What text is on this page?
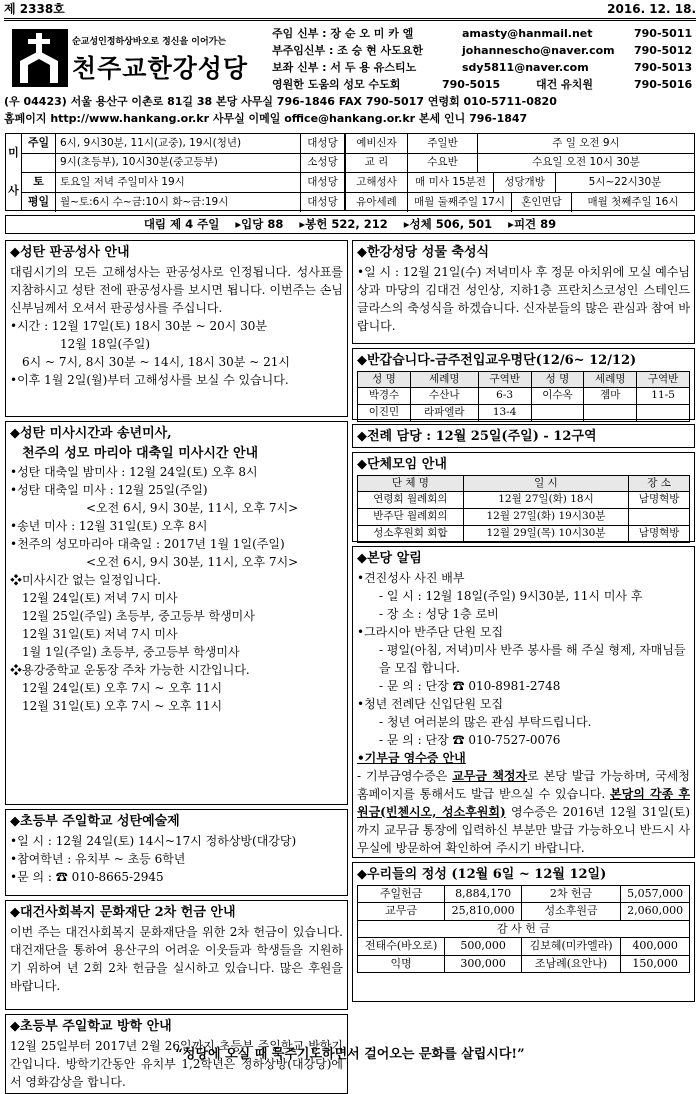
제 2338호	2016. 12. 18.
순교성인정하상바오로 정신을 이어가는
천주교한강성당
주임 신부 : 장 순 오 미 카 엘	amasty@hanmail.net	790-5011
부주임신부 : 조 승 현 사도요한	johannescho@naver.com	790-5012
보좌 신부 : 서 두 용 유스티노	sdy5811@naver.com	790-5013
영원한 도움의 성모 수도회	790-5015	대건 유치원	790-5016
(우 04423) 서울 용산구 이촌로 81길 38 본당 사무실 796-1846 FAX 790-5017 연령회 010-5711-0820
홈페이지 http://www.hankang.or.kr 사무실 이메일 office@hankang.or.kr 본세 인니 796-1847
미
사
주일	6시, 9시30분, 11시(교중), 19시(청년)	대성당
9시(초등부), 10시30분(중고등부)	소성당
토	토요일 저녁 주일미사 19시	대성당
평일	월~토:6시 수~금:10시 화~금:19시	대성당
예비신자	주일반	주 일 오전 9시
교 리	수요반	수요일 오전 10시 30분
고해성사	매 미사 15분전	성당개방	5시~22시30분
유아세례	매월 둘째주일 17시	혼인면담	매월 첫째주일 16시
대림 제 4 주일 ▸입당 88 ▸봉헌 522, 212 ▸성체 506, 501 ▸피견 89
◆성탄 판공성사 안내

대림시기의 모든 고해성사는 판공성사로 인정됩니다. 성사표를 지참하시고 성탄 전에 판공성사를 보시면 됩니다. 이번주는 손님신부님께서 오셔서 판공성사를 주십니다.

•시간 : 12월 17일(토) 18시 30분 ~ 20시 30분

12월 18일(주일)

6시 ~ 7시, 8시 30분 ~ 14시, 18시 30분 ~ 21시

•이후 1월 2일(월)부터 고해성사를 보실 수 있습니다.

◆성탄 미사시간과 송년미사,
천주의 성모 마리아 대축일 미사시간 안내

•성탄 대축일 밤미사 : 12월 24일(토) 오후 8시

•성탄 대축일 미사 : 12월 25일(주일)

<오전 6시, 9시 30분, 11시, 오후 7시>

•송년 미사 : 12월 31일(토) 오후 8시

•천주의 성모마리아 대축일 : 2017년 1월 1일(주일)

<오전 6시, 9시 30분, 11시, 오후 7시>

❖미사시간 없는 일정입니다.

12월 24일(토) 저녁 7시 미사

12월 25일(주일) 초등부, 중고등부 학생미사

12월 31일(토) 저녁 7시 미사

1월 1일(주일) 초등부, 중고등부 학생미사

❖용강중학교 운동장 주차 가능한 시간입니다.

12월 24일(토) 오후 7시 ~ 오후 11시

12월 31일(토) 오후 7시 ~ 오후 11시

◆초등부 주일학교 성탄예술제

•일 시 : 12월 24일(토) 14시~17시 정하상방(대강당)

•참여학년 : 유치부 ~ 초등 6학년

•문 의 : ☎ 010-8665-2945

◆대건사회복지 문화재단 2차 헌금 안내

이번 주는 대건사회복지 문화재단을 위한 2차 헌금이 있습니다. 대건재단을 통하여 용산구의 어려운 이웃들과 학생들을 지원하기 위하여 년 2회 2차 헌금을 실시하고 있습니다. 많은 후원을 바랍니다.

◆초등부 주일학교 방학 안내

12월 25일부터 2017년 2월 26일까지 초등부 주일학교 방학기간입니다. 방학기간동안 유치부 1,2학년은 정하상방(대강당)에서 영화감상을 합니다.

◆한강성당 성물 축성식

•일 시 : 12월 21일(수) 저녁미사 후 정문 아치위에 모실 예수님상과 마당의 김대건 성인상, 지하1층 프란치스코성인 스테인드 글라스의 축성식을 하겠습니다. 신자분들의 많은 관심과 참여 바랍니다.

◆반갑습니다-금주전입교우명단(12/6~ 12/12)
성 명	세례명	구역반	성 명	세례명	구역반
박경수	수산나	6-3	이수옥	젬마	11-5
이진민	라파엘라	13-4			
◆전례 담당 : 12월 25일(주일) - 12구역
◆단체모임 안내
단 체 명	일 시	장 소
연령회 월례회의	12월 27일(화) 18시	남명혁방
반주단 월례회의	12월 27일(화) 19시30분	
성소후원회 회합	12월 29일(목) 10시30분	남명혁방
◆본당 알림

•견진성사 사진 배부

- 일 시 : 12월 18일(주일) 9시30분, 11시 미사 후

- 장 소 : 성당 1층 로비

•그라시아 반주단 단원 모집

- 평일(아침, 저녁)미사 반주 봉사를 해 주실 형제, 자매님들을 모집 합니다.

- 문 의 : 단장 ☎ 010-8981-2748

•청년 전례단 신입단원 모집

- 청년 여러분의 많은 관심 부탁드립니다.

- 문 의 : 단장 ☎ 010-7527-0076

•기부금 영수증 안내

- 기부금영수증은 교무금 책정자로 본당 발급 가능하며, 국세청 홈페이지를 통해서도 발급 받으실 수 있습니다. 본당의 각종 후원금(빈첸시오, 성소후원회) 영수증은 2016년 12월 31일(토)까지 교무금 통장에 입력하신 부분만 발급 가능하오니 반드시 사무실에 방문하여 확인하여 주시기 바랍니다.

◆우리들의 정성 (12월 6일 ~ 12월 12일)
주일헌금	8,884,170	2차 헌금	5,057,000
교무금	25,810,000	성소후원금	2,060,000
감 사 헌 금			
전태수(바오로)	500,000	김보혜(미카엘라)	400,000
익명	300,000	조남례(요안나)	150,000
“성당에 오실 때 묵주기도하면서 걸어오는 문화를 살립시다!”
